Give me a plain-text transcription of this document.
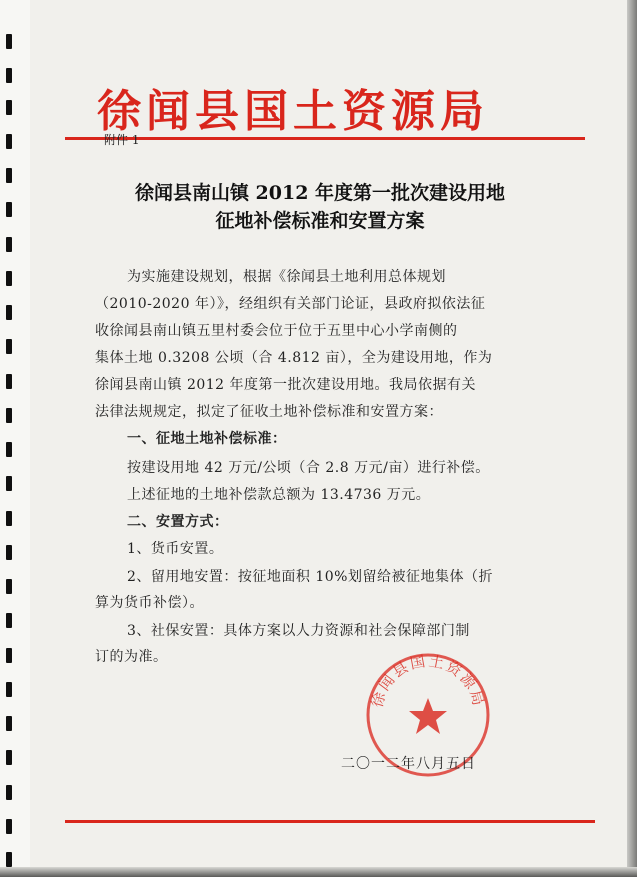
徐闻县国土资源局
附件 1
徐闻县南山镇 2012 年度第一批次建设用地
征地补偿标准和安置方案
为实施建设规划，根据《徐闻县土地利用总体规划
（2010-2020 年）》，经组织有关部门论证，县政府拟依法征
收徐闻县南山镇五里村委会位于位于五里中心小学南侧的
集体土地 0.3208 公顷（合 4.812 亩），全为建设用地，作为
徐闻县南山镇 2012 年度第一批次建设用地。我局依据有关
法律法规规定，拟定了征收土地补偿标准和安置方案：
一、征地土地补偿标准：
按建设用地 42 万元/公顷（合 2.8 万元/亩）进行补偿。
上述征地的土地补偿款总额为 13.4736 万元。
二、安置方式：
1、货币安置。
2、留用地安置：按征地面积 10%划留给被征地集体（折
算为货币补偿）。
3、社保安置：具体方案以人力资源和社会保障部门制
订的为准。
徐闻县国土资源局
二〇一二年八月五日
